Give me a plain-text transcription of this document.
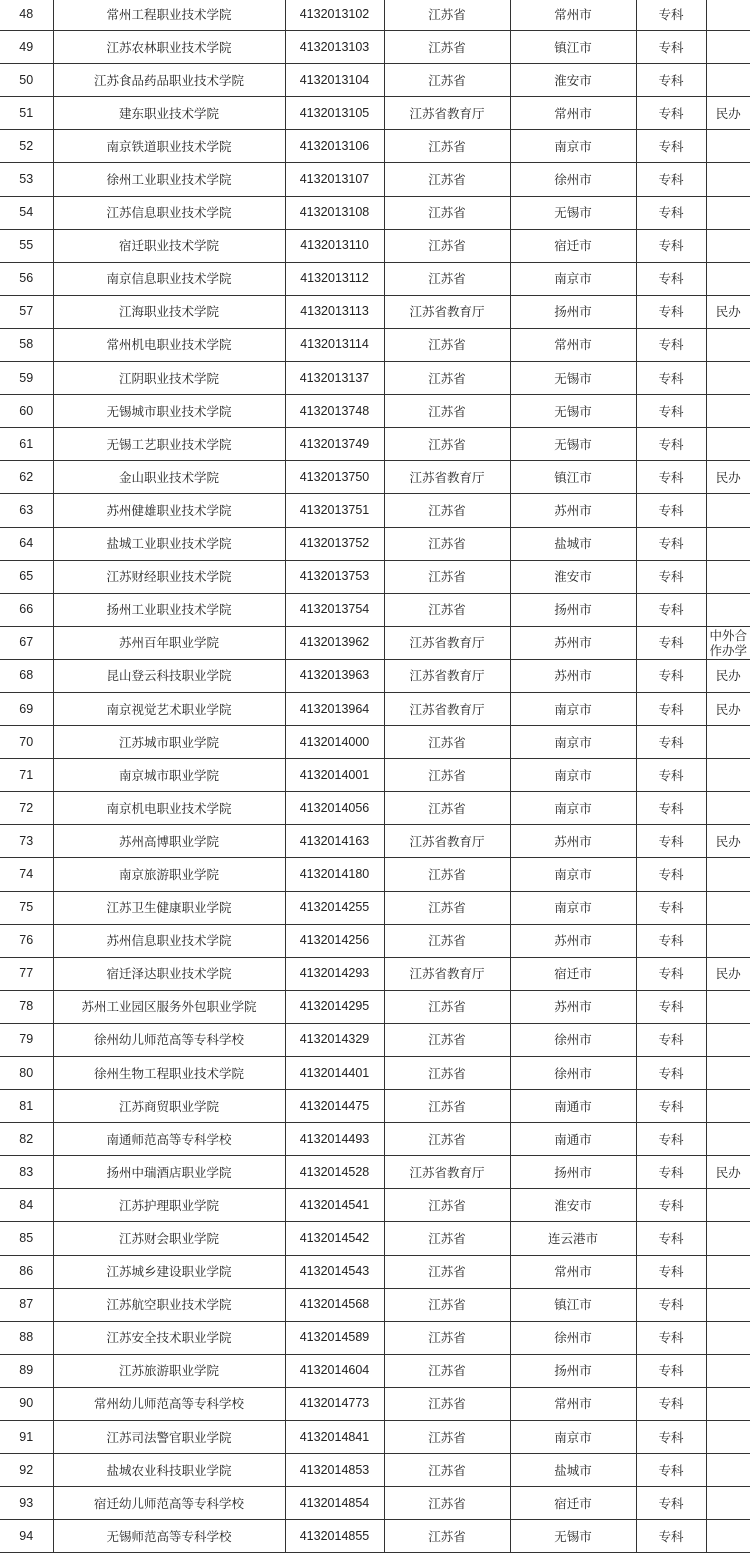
48	常州工程职业技术学院	4132013102	江苏省	常州市	专科	
49	江苏农林职业技术学院	4132013103	江苏省	镇江市	专科	
50	江苏食品药品职业技术学院	4132013104	江苏省	淮安市	专科	
51	建东职业技术学院	4132013105	江苏省教育厅	常州市	专科	民办
52	南京铁道职业技术学院	4132013106	江苏省	南京市	专科	
53	徐州工业职业技术学院	4132013107	江苏省	徐州市	专科	
54	江苏信息职业技术学院	4132013108	江苏省	无锡市	专科	
55	宿迁职业技术学院	4132013110	江苏省	宿迁市	专科	
56	南京信息职业技术学院	4132013112	江苏省	南京市	专科	
57	江海职业技术学院	4132013113	江苏省教育厅	扬州市	专科	民办
58	常州机电职业技术学院	4132013114	江苏省	常州市	专科	
59	江阴职业技术学院	4132013137	江苏省	无锡市	专科	
60	无锡城市职业技术学院	4132013748	江苏省	无锡市	专科	
61	无锡工艺职业技术学院	4132013749	江苏省	无锡市	专科	
62	金山职业技术学院	4132013750	江苏省教育厅	镇江市	专科	民办
63	苏州健雄职业技术学院	4132013751	江苏省	苏州市	专科	
64	盐城工业职业技术学院	4132013752	江苏省	盐城市	专科	
65	江苏财经职业技术学院	4132013753	江苏省	淮安市	专科	
66	扬州工业职业技术学院	4132013754	江苏省	扬州市	专科	
67	苏州百年职业学院	4132013962	江苏省教育厅	苏州市	专科	中外合作办学
68	昆山登云科技职业学院	4132013963	江苏省教育厅	苏州市	专科	民办
69	南京视觉艺术职业学院	4132013964	江苏省教育厅	南京市	专科	民办
70	江苏城市职业学院	4132014000	江苏省	南京市	专科	
71	南京城市职业学院	4132014001	江苏省	南京市	专科	
72	南京机电职业技术学院	4132014056	江苏省	南京市	专科	
73	苏州高博职业学院	4132014163	江苏省教育厅	苏州市	专科	民办
74	南京旅游职业学院	4132014180	江苏省	南京市	专科	
75	江苏卫生健康职业学院	4132014255	江苏省	南京市	专科	
76	苏州信息职业技术学院	4132014256	江苏省	苏州市	专科	
77	宿迁泽达职业技术学院	4132014293	江苏省教育厅	宿迁市	专科	民办
78	苏州工业园区服务外包职业学院	4132014295	江苏省	苏州市	专科	
79	徐州幼儿师范高等专科学校	4132014329	江苏省	徐州市	专科	
80	徐州生物工程职业技术学院	4132014401	江苏省	徐州市	专科	
81	江苏商贸职业学院	4132014475	江苏省	南通市	专科	
82	南通师范高等专科学校	4132014493	江苏省	南通市	专科	
83	扬州中瑞酒店职业学院	4132014528	江苏省教育厅	扬州市	专科	民办
84	江苏护理职业学院	4132014541	江苏省	淮安市	专科	
85	江苏财会职业学院	4132014542	江苏省	连云港市	专科	
86	江苏城乡建设职业学院	4132014543	江苏省	常州市	专科	
87	江苏航空职业技术学院	4132014568	江苏省	镇江市	专科	
88	江苏安全技术职业学院	4132014589	江苏省	徐州市	专科	
89	江苏旅游职业学院	4132014604	江苏省	扬州市	专科	
90	常州幼儿师范高等专科学校	4132014773	江苏省	常州市	专科	
91	江苏司法警官职业学院	4132014841	江苏省	南京市	专科	
92	盐城农业科技职业学院	4132014853	江苏省	盐城市	专科	
93	宿迁幼儿师范高等专科学校	4132014854	江苏省	宿迁市	专科	
94	无锡师范高等专科学校	4132014855	江苏省	无锡市	专科	
